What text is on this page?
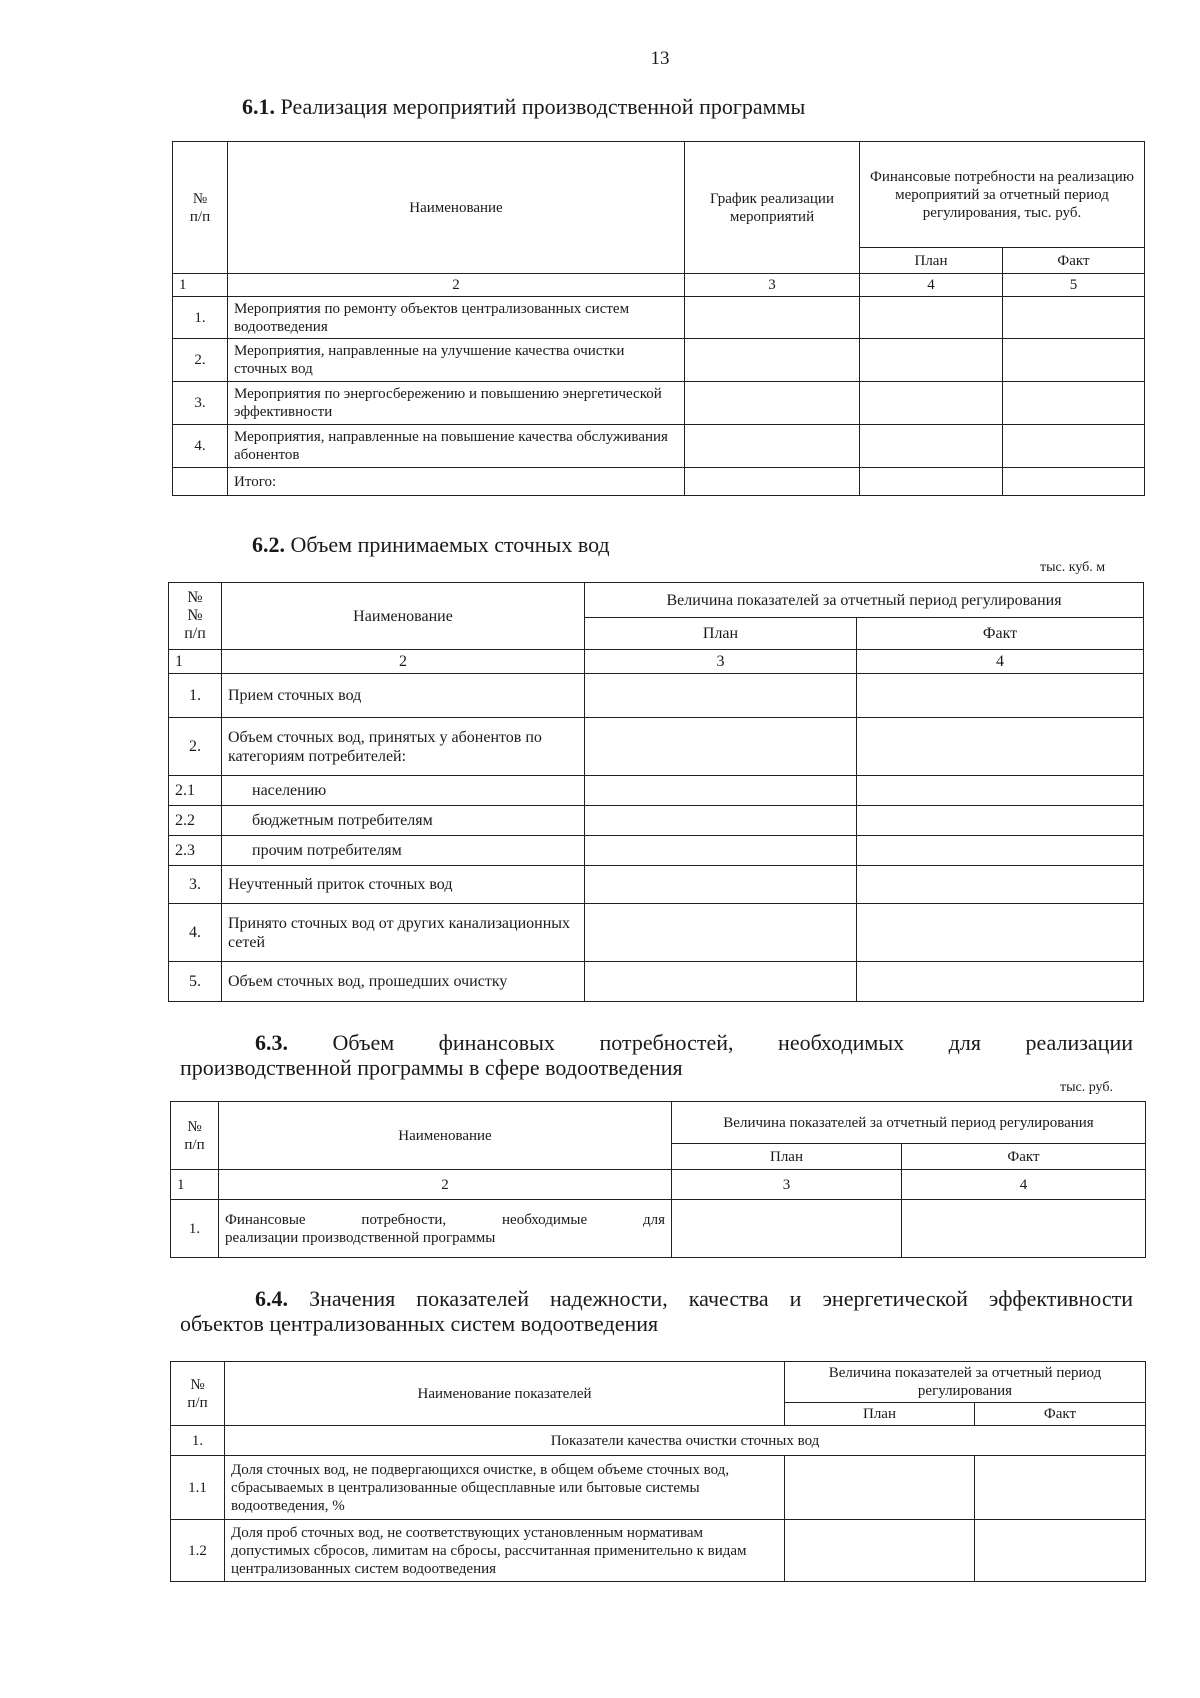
13
6.1. Реализация мероприятий производственной программы
№
п/п	Наименование	График реализации мероприятий	Финансовые потребности на реализацию мероприятий за отчетный период регулирования, тыс. руб.	
			План	Факт
1	2	3	4	5
1.	Мероприятия по ремонту объектов централизованных систем водоотведения			
2.	Мероприятия, направленные на улучшение качества очистки сточных вод			
3.	Мероприятия по энергосбережению и повышению энергетической эффективности			
4.	Мероприятия, направленные на повышение качества обслуживания абонентов			
	Итого:			
6.2. Объем принимаемых сточных вод
тыс. куб. м
№
№
п/п	Наименование	Величина показателей за отчетный период регулирования	
		План	Факт
1	2	3	4
1.	Прием сточных вод		
2.	Объем сточных вод, принятых у абонентов по категориям потребителей:		
2.1	населению		
2.2	бюджетным потребителям		
2.3	прочим потребителям		
3.	Неучтенный приток сточных вод		
4.	Принято сточных вод от других канализационных сетей		
5.	Объем сточных вод, прошедших очистку		
6.3. Объем финансовых потребностей, необходимых для реализации
производственной программы в сфере водоотведения
тыс. руб.
№
п/п	Наименование	Величина показателей за отчетный период регулирования	
		План	Факт
1	2	3	4
1.	Финансовые потребности, необходимые для
реализации производственной программы		

6.4. Значения показателей надежности, качества и энергетической эффективности
объектов централизованных систем водоотведения
№
п/п	Наименование показателей	Величина показателей за отчетный период регулирования	
		План	Факт
1.	Показатели качества очистки сточных вод		
1.1	Доля сточных вод, не подвергающихся очистке, в общем объеме сточных вод, сбрасываемых в централизованные общесплавные или бытовые системы водоотведения, %		
1.2	Доля проб сточных вод, не соответствующих установленным нормативам допустимых сбросов, лимитам на сбросы, рассчитанная применительно к видам централизованных систем водоотведения		
